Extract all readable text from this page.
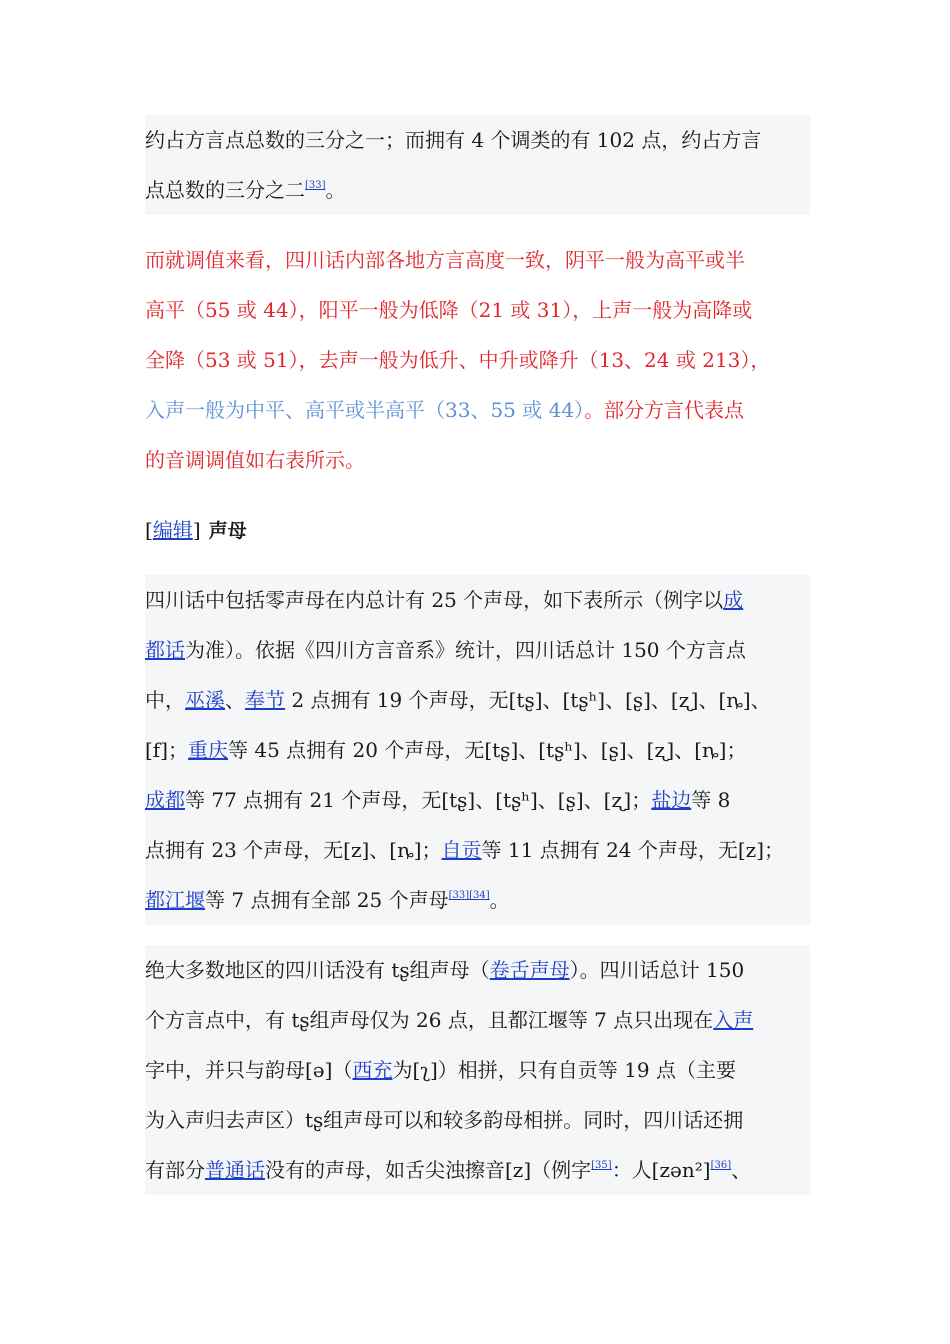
约占方言点总数的三分之一；而拥有 4 个调类的有 102 点，约占方言
点总数的三分之二[33]。
而就调值来看，四川话内部各地方言高度一致，阴平一般为高平或半
高平（55 或 44），阳平一般为低降（21 或 31），上声一般为高降或
全降（53 或 51），去声一般为低升、中升或降升（13、24 或 213），
入声一般为中平、高平或半高平（33、55 或 44）。部分方言代表点
的音调调值如右表所示。
[编辑] 声母
四川话中包括零声母在内总计有 25 个声母，如下表所示（例字以成
都话为准）。依据《四川方言音系》统计，四川话总计 150 个方言点
中，巫溪、奉节 2 点拥有 19 个声母，无[tʂ]、[tʂʰ]、[ʂ]、[ʐ]、[ȵ]、
[f]；重庆等 45 点拥有 20 个声母，无[tʂ]、[tʂʰ]、[ʂ]、[ʐ]、[ȵ]；
成都等 77 点拥有 21 个声母，无[tʂ]、[tʂʰ]、[ʂ]、[ʐ]；盐边等 8
点拥有 23 个声母，无[z]、[ȵ]；自贡等 11 点拥有 24 个声母，无[z]；
都江堰等 7 点拥有全部 25 个声母[33][34]。
绝大多数地区的四川话没有 tʂ组声母（卷舌声母）。四川话总计 150
个方言点中，有 tʂ组声母仅为 26 点，且都江堰等 7 点只出现在入声
字中，并只与韵母[ə]（西充为[ʅ]）相拼，只有自贡等 19 点（主要
为入声归去声区）tʂ组声母可以和较多韵母相拼。同时，四川话还拥
有部分普通话没有的声母，如舌尖浊擦音[z]（例字[35]：人[zən²][36]、
